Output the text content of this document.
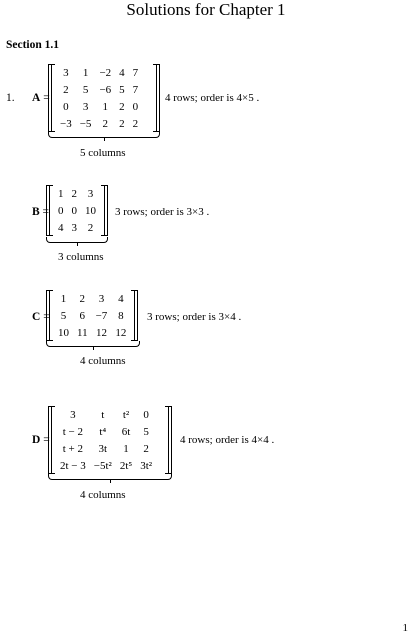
Solutions for Chapter 1
Section 1.1
1. A =
3	1	−2	4	7
2	5	−6	5	7
0	3	1	2	0
−3	−5	2	2	2
4 rows; order is 4×5 .
5 columns
B =
1	2	3
0	0	10
4	3	2
3 rows; order is 3×3 .
3 columns
C =
1	2	3	4
5	6	−7	8
10	11	12	12
3 rows; order is 3×4 .
4 columns
D =
3	t	t²	0
t − 2	t⁴	6t	5
t + 2	3t	1	2
2t − 3	−5t²	2t⁵	3t²
4 rows; order is 4×4 .
4 columns
1
